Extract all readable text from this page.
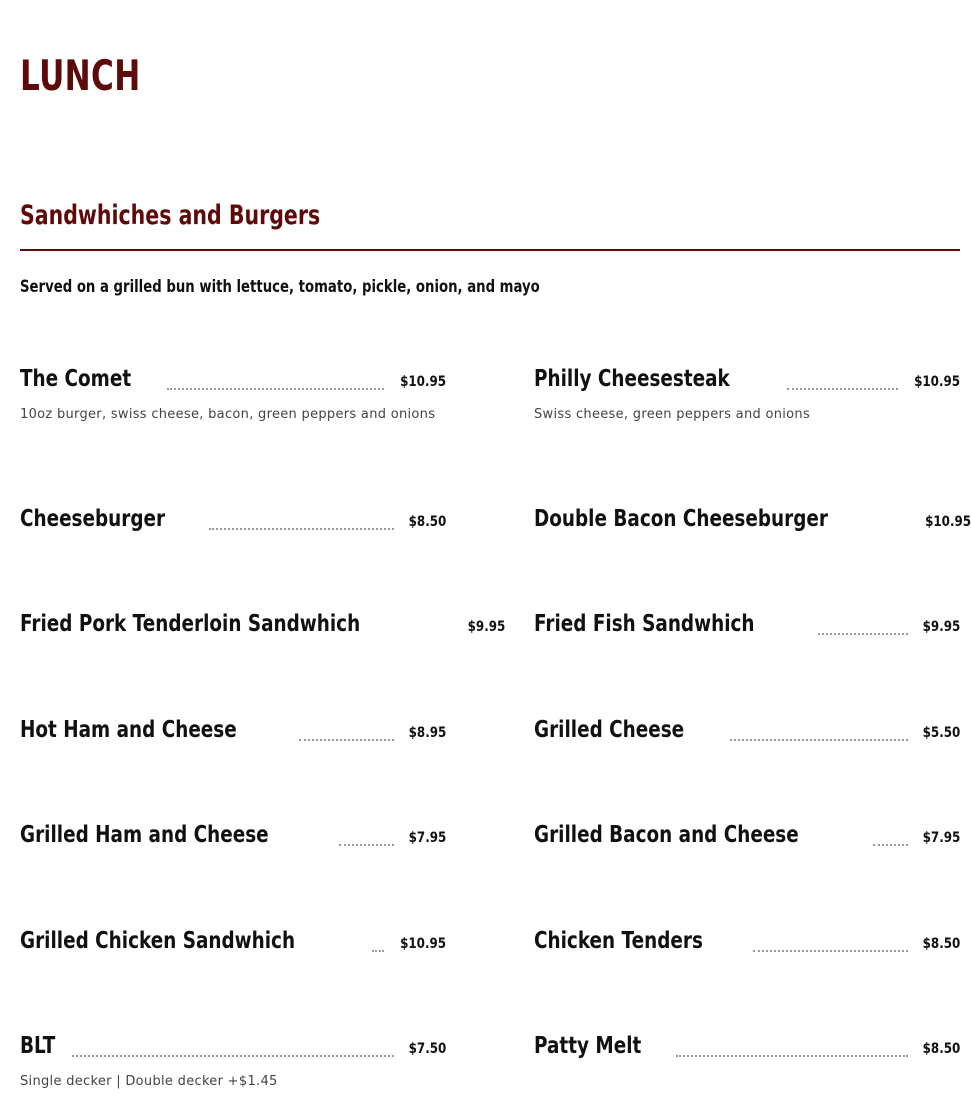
LUNCH
Sandwhiches and Burgers

Served on a grilled bun with lettuce, tomato, pickle, onion, and mayo

The Comet	$10.95
10oz burger, swiss cheese, bacon, green peppers and onions
Philly Cheesesteak	$10.95
Swiss cheese, green peppers and onions
Cheeseburger	$8.50	Double Bacon Cheeseburger	$10.95
Fried Pork Tenderloin Sandwhich	$9.95 Fried Fish Sandwhich	$9.95
Hot Ham and Cheese	$8.95	Grilled Cheese	$5.50
Grilled Ham and Cheese	$7.95	Grilled Bacon and Cheese	$7.95
Grilled Chicken Sandwhich	$10.95	Chicken Tenders	$8.50
BLT	$7.50
Single decker | Double decker +$1.45
Patty Melt	$8.50
